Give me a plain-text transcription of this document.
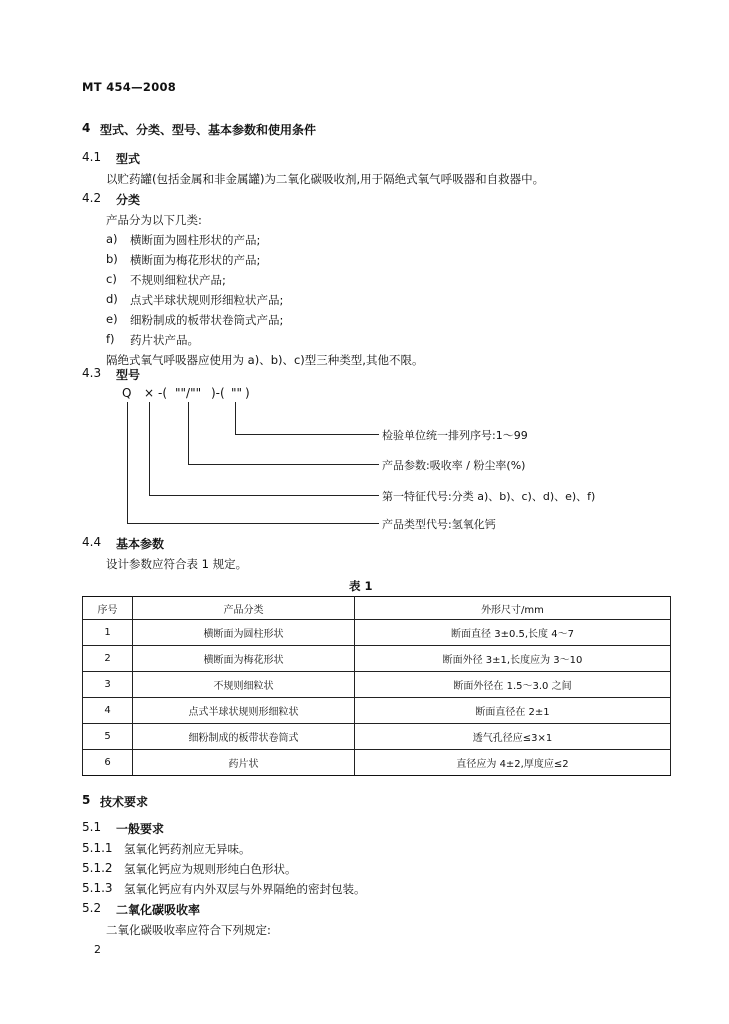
MT 454—2008
4 型式、分类、型号、基本参数和使用条件
4.1 型式
以贮药罐(包括金属和非金属罐)为二氧化碳吸收剂,用于隔绝式氧气呼吸器和自救器中。
4.2 分类
产品分为以下几类:
a) 横断面为圆柱形状的产品;
b) 横断面为梅花形状的产品;
c) 不规则细粒状产品;
d) 点式半球状规则形细粒状产品;
e) 细粉制成的板带状卷筒式产品;
f) 药片状产品。
隔绝式氧气呼吸器应使用为 a)、b)、c)型三种类型,其他不限。
4.3 型号
Q × -( ""/"" )-( "" )
检验单位统一排列序号:1～99
产品参数:吸收率 / 粉尘率(%)
第一特征代号:分类 a)、b)、c)、d)、e)、f)
产品类型代号:氢氧化钙
4.4 基本参数
设计参数应符合表 1 规定。
表 1
序号	产品分类	外形尺寸/mm
1	横断面为圆柱形状	断面直径 3±0.5,长度 4～7
2	横断面为梅花形状	断面外径 3±1,长度应为 3～10
3	不规则细粒状	断面外径在 1.5～3.0 之间
4	点式半球状规则形细粒状	断面直径在 2±1
5	细粉制成的板带状卷筒式	透气孔径应≤3×1
6	药片状	直径应为 4±2,厚度应≤2
5 技术要求
5.1 一般要求
5.1.1 氢氧化钙药剂应无异味。
5.1.2 氢氧化钙应为规则形纯白色形状。
5.1.3 氢氧化钙应有内外双层与外界隔绝的密封包装。
5.2 二氧化碳吸收率
二氧化碳吸收率应符合下列规定:
2
